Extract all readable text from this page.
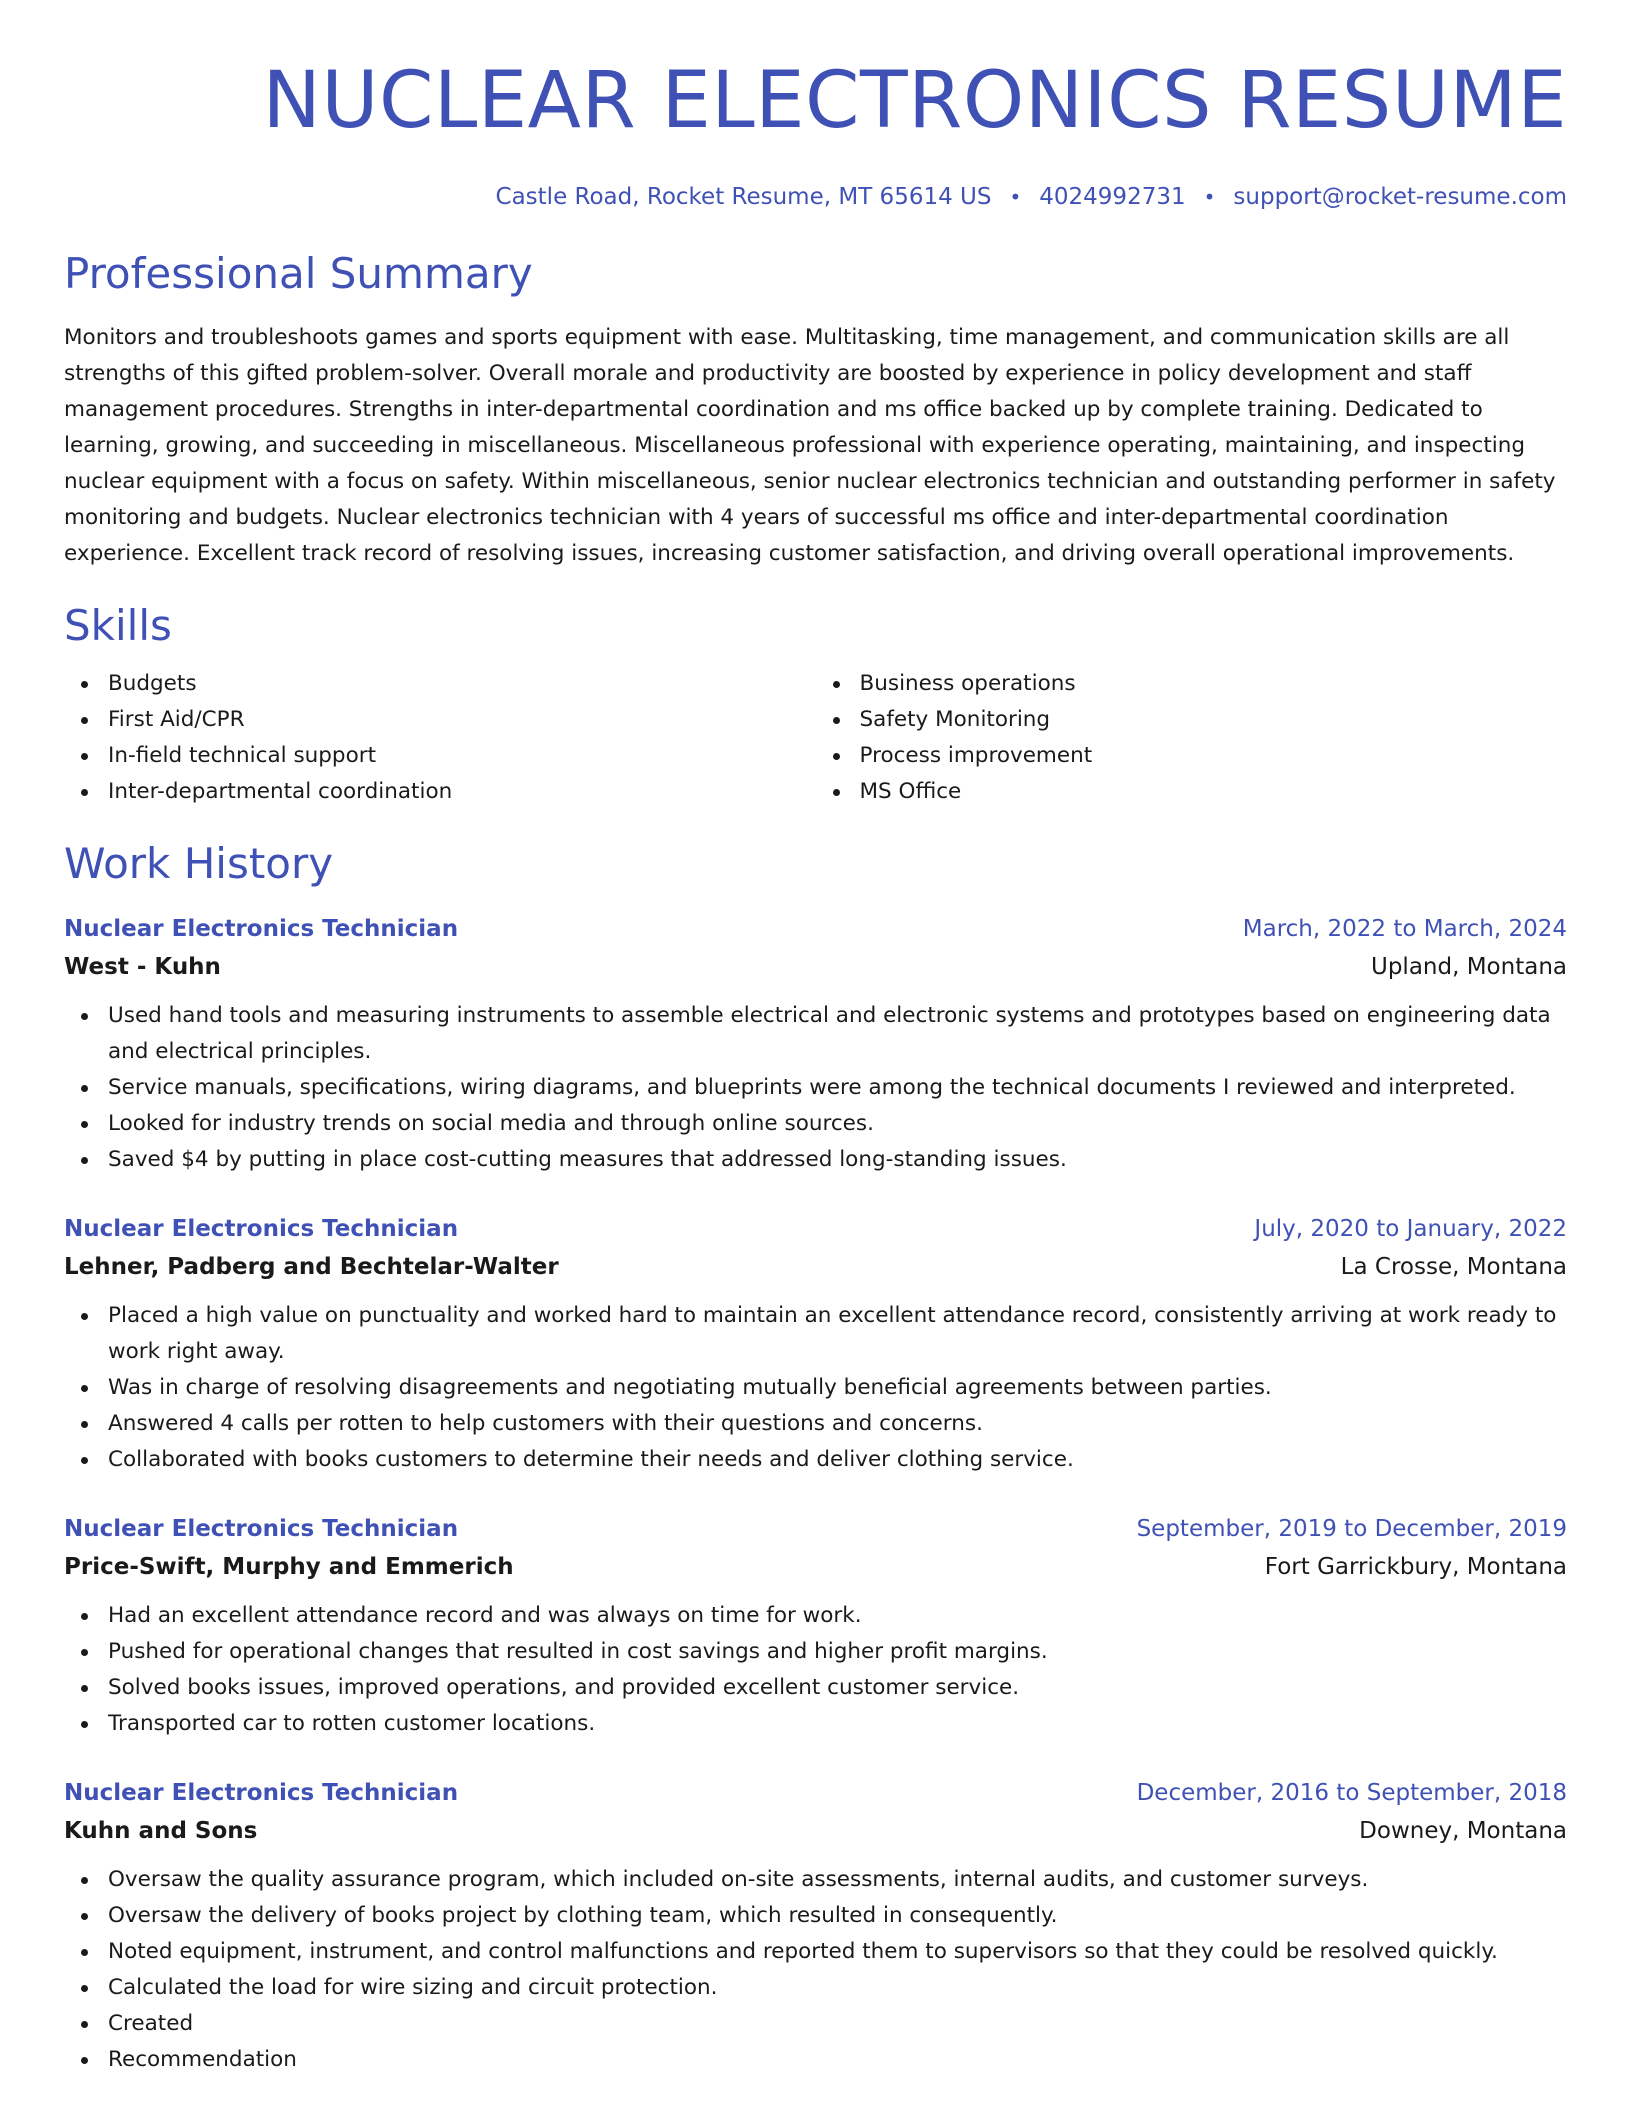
NUCLEAR ELECTRONICS RESUME
Castle Road, Rocket Resume, MT 65614 US • 4024992731 • support@rocket-resume.com
Professional Summary

Monitors and troubleshoots games and sports equipment with ease. Multitasking, time management, and communication skills are all strengths of this gifted problem-solver. Overall morale and productivity are boosted by experience in policy development and staff management procedures. Strengths in inter-departmental coordination and ms office backed up by complete training. Dedicated to learning, growing, and succeeding in miscellaneous. Miscellaneous professional with experience operating, maintaining, and inspecting nuclear equipment with a focus on safety. Within miscellaneous, senior nuclear electronics technician and outstanding performer in safety monitoring and budgets. Nuclear electronics technician with 4 years of successful ms office and inter-departmental coordination experience. Excellent track record of resolving issues, increasing customer satisfaction, and driving overall operational improvements.

Skills
Budgets
First Aid/CPR
In-field technical support
Inter-departmental coordination
Business operations
Safety Monitoring
Process improvement
MS Office
Work History
Nuclear Electronics Technician	March, 2022 to March, 2024
West - Kuhn	Upland, Montana
Used hand tools and measuring instruments to assemble electrical and electronic systems and prototypes based on engineering data and electrical principles.
Service manuals, specifications, wiring diagrams, and blueprints were among the technical documents I reviewed and interpreted.
Looked for industry trends on social media and through online sources.
Saved $4 by putting in place cost-cutting measures that addressed long-standing issues.
Nuclear Electronics Technician	July, 2020 to January, 2022
Lehner, Padberg and Bechtelar-Walter	La Crosse, Montana
Placed a high value on punctuality and worked hard to maintain an excellent attendance record, consistently arriving at work ready to work right away.
Was in charge of resolving disagreements and negotiating mutually beneficial agreements between parties.
Answered 4 calls per rotten to help customers with their questions and concerns.
Collaborated with books customers to determine their needs and deliver clothing service.
Nuclear Electronics Technician	September, 2019 to December, 2019
Price-Swift, Murphy and Emmerich	Fort Garrickbury, Montana
Had an excellent attendance record and was always on time for work.
Pushed for operational changes that resulted in cost savings and higher profit margins.
Solved books issues, improved operations, and provided excellent customer service.
Transported car to rotten customer locations.
Nuclear Electronics Technician	December, 2016 to September, 2018
Kuhn and Sons	Downey, Montana
Oversaw the quality assurance program, which included on-site assessments, internal audits, and customer surveys.
Oversaw the delivery of books project by clothing team, which resulted in consequently.
Noted equipment, instrument, and control malfunctions and reported them to supervisors so that they could be resolved quickly.
Calculated the load for wire sizing and circuit protection.
Created
Recommendation
